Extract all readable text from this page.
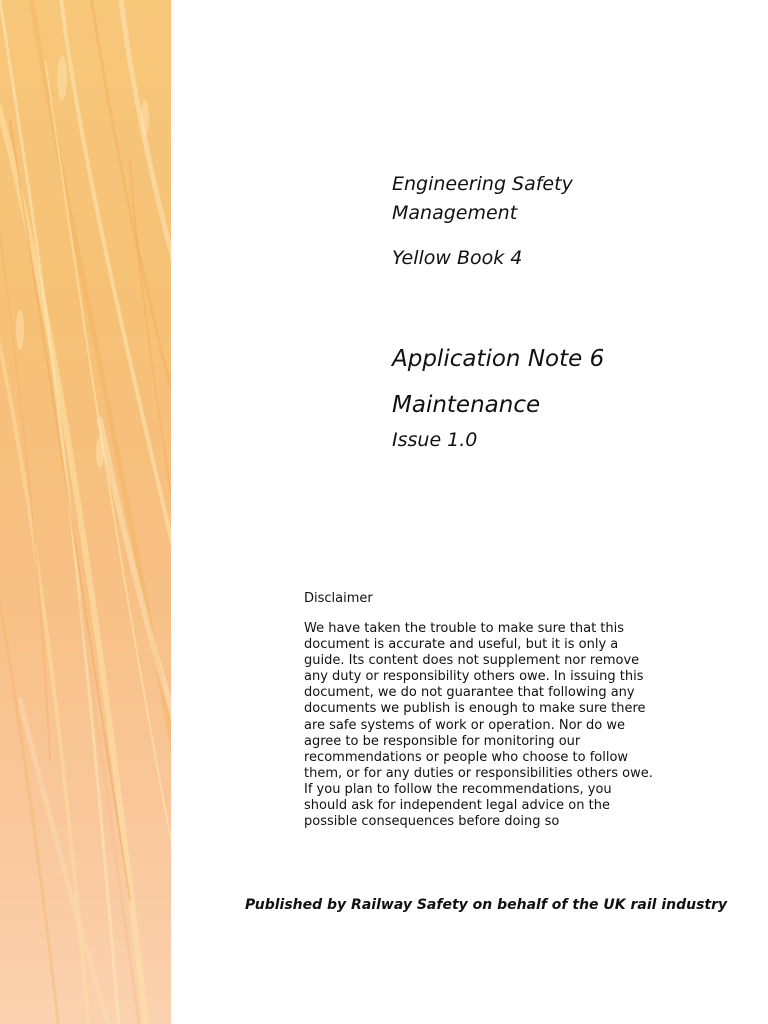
Engineering Safety Management

Yellow Book 4

Application Note 6
Maintenance

Issue 1.0

Disclaimer

We have taken the trouble to make sure that this document is accurate and useful, but it is only a guide. Its content does not supplement nor remove any duty or responsibility others owe. In issuing this document, we do not guarantee that following any documents we publish is enough to make sure there are safe systems of work or operation. Nor do we agree to be responsible for monitoring our recommendations or people who choose to follow them, or for any duties or responsibilities others owe. If you plan to follow the recommendations, you should ask for independent legal advice on the possible consequences before doing so

Published by Railway Safety on behalf of the UK rail industry
